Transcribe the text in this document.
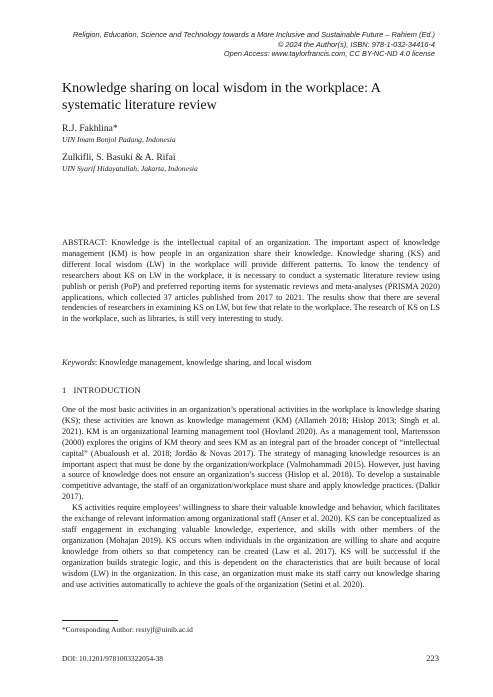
Religion, Education, Science and Technology towards a More Inclusive and Sustainable Future – Rahiem (Ed.)
© 2024 the Author(s), ISBN: 978-1-032-34416-4
Open Access: www.taylorfrancis.com, CC BY-NC-ND 4.0 license
Knowledge sharing on local wisdom in the workplace: A systematic literature review
R.J. Fakhlina*
UIN Imam Bonjol Padang, Indonesia
Zulkifli, S. Basuki & A. Rifai
UIN Syarif Hidayatullah, Jakarta, Indonesia
ABSTRACT: Knowledge is the intellectual capital of an organization. The important aspect of knowledge management (KM) is how people in an organization share their knowledge. Knowledge sharing (KS) and different local wisdom (LW) in the workplace will provide different patterns. To know the tendency of researchers about KS on LW in the workplace, it is necessary to conduct a systematic literature review using publish or perish (PoP) and preferred reporting items for systematic reviews and meta-analyses (PRISMA 2020) applications, which collected 37 articles published from 2017 to 2021. The results show that there are several tendencies of researchers in examining KS on LW, but few that relate to the workplace. The research of KS on LS in the workplace, such as libraries, is still very interesting to study.
Keywords: Knowledge management, knowledge sharing, and local wisdom
1 INTRODUCTION

One of the most basic activities in an organization’s operational activities in the workplace is knowledge sharing (KS); these activities are known as knowledge management (KM) (Allameh 2018; Hislop 2013; Singh et al. 2021). KM is an organizational learning management tool (Hovland 2020). As a management tool, Martensson (2000) explores the origins of KM theory and sees KM as an integral part of the broader concept of “intellectual capital” (Abualoush et al. 2018; Jordão & Novas 2017). The strategy of managing knowledge resources is an important aspect that must be done by the organization/workplace (Valmohammadi 2015). However, just having a source of knowledge does not ensure an organization’s success (Hislop et al. 2018). To develop a sustainable competitive advantage, the staff of an organization/workplace must share and apply knowledge practices. (Dalkir 2017).

KS activities require employees’ willingness to share their valuable knowledge and behavior, which facilitates the exchange of relevant information among organizational staff (Anser et al. 2020). KS can be conceptualized as staff engagement in exchanging valuable knowledge, experience, and skills with other members of the organization (Mohajan 2019). KS occurs when individuals in the organization are willing to share and acquire knowledge from others so that competency can be created (Law et al. 2017). KS will be successful if the organization builds strategic logic, and this is dependent on the characteristics that are built because of local wisdom (LW) in the organization. In this case, an organization must make its staff carry out knowledge sharing and use activities automatically to achieve the goals of the organization (Setini et al. 2020).

*Corresponding Author: restyjf@uinib.ac.id
DOI: 10.1201/9781003322054-38	223
